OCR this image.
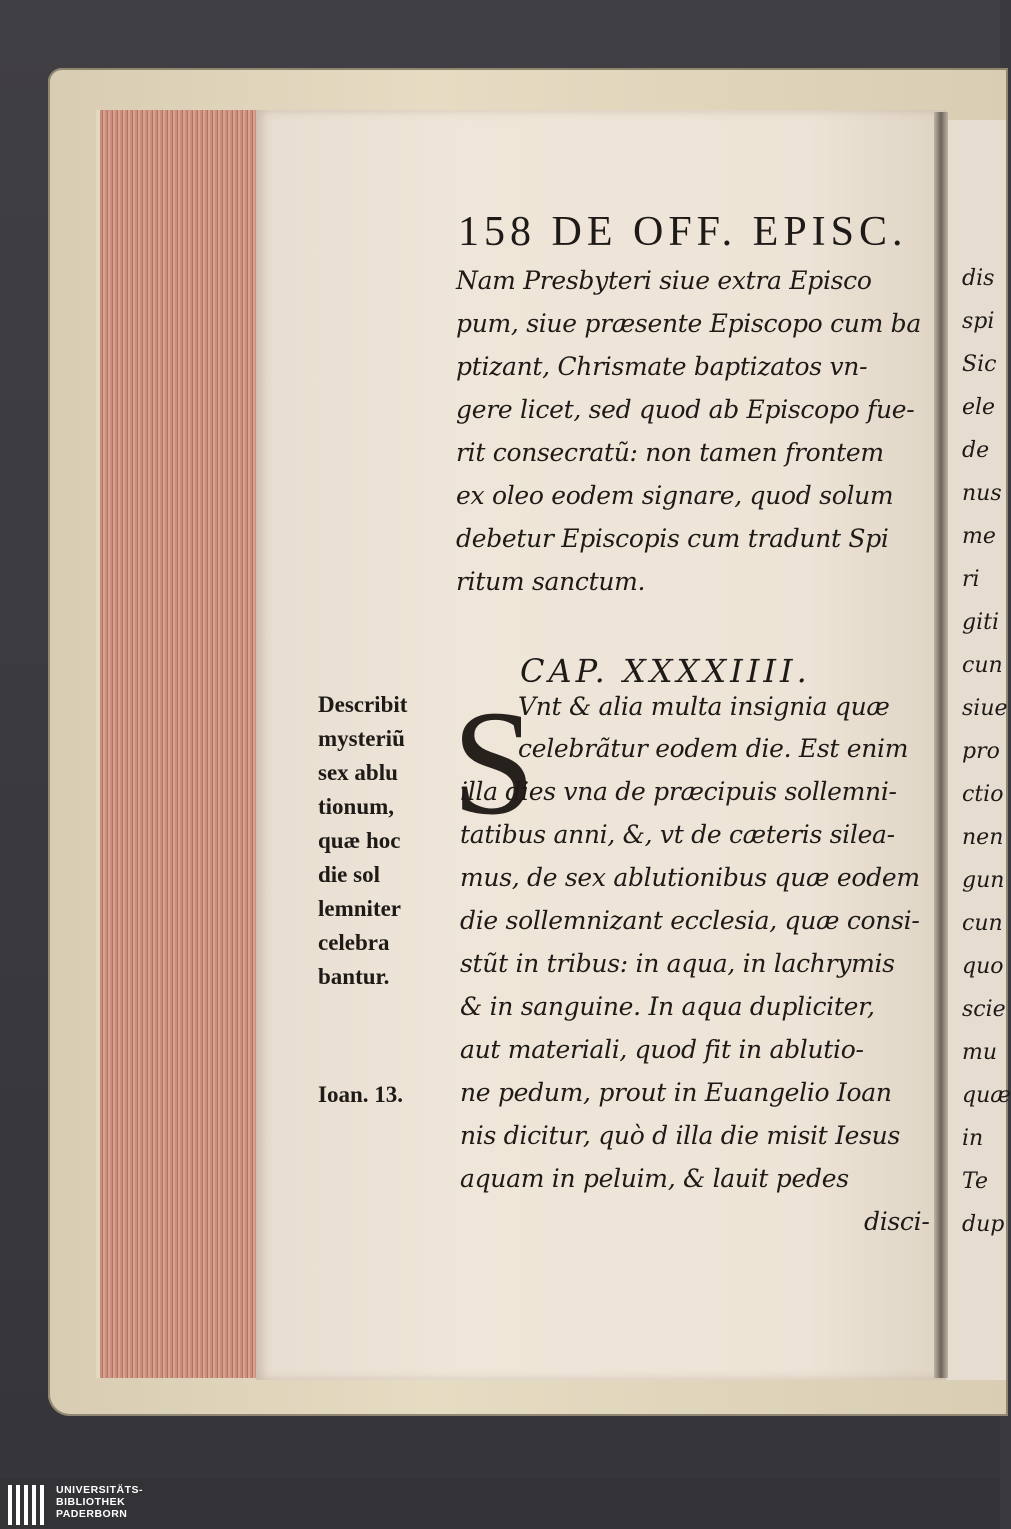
158 DE OFF. EPISC.
Nam Presbyteri siue extra Episco
pum, siue præsente Episcopo cum ba
ptizant, Chrismate baptizatos vn-
gere licet, sed quod ab Episcopo fue-
rit consecratũ: non tamen frontem
ex oleo eodem signare, quod solum
debetur Episcopis cum tradunt Spi
ritum sanctum.
CAP. XXXXIIII.
S
Vnt & alia multa insignia quæ
celebrãtur eodem die. Est enim
illa dies vna de præcipuis sollemni-
tatibus anni, &, vt de cæteris silea-
mus, de sex ablutionibus quæ eodem
die sollemnizant ecclesia, quæ consi-
stũt in tribus: in aqua, in lachrymis
& in sanguine. In aqua dupliciter,
aut materiali, quod fit in ablutio-
ne pedum, prout in Euangelio Ioan
nis dicitur, quò d illa die misit Iesus
aquam in peluim, & lauit pedes
disci-
Describit
mysteriũ
sex ablu
tionum,
quæ hoc
die sol
lemniter
celebra
bantur.
Ioan. 13.
dis
spi
Sic
ele
de
nus
me
ri
giti
cun
siue
pro
ctio
nen
gun
cun
quo
scie
mu
quæ
in
Te
dup
UNIVERSITÄTS-
BIBLIOTHEK
PADERBORN
